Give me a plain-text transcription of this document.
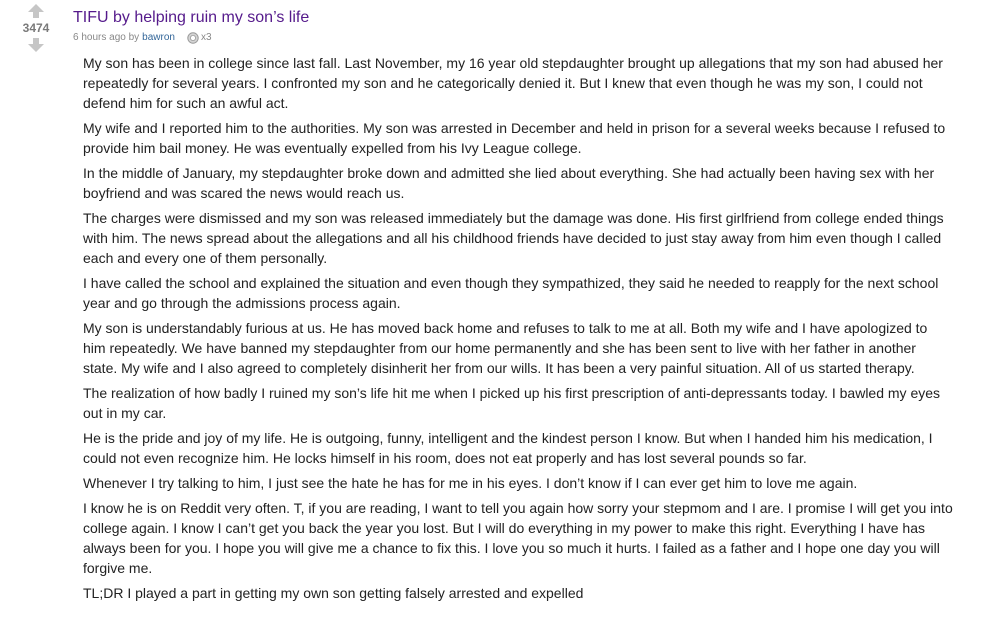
3474
TIFU by helping ruin my son’s life
6 hours ago by bawron	x3

My son has been in college since last fall. Last November, my 16 year old stepdaughter brought up allegations that my son had abused her repeatedly for several years. I confronted my son and he categorically denied it. But I knew that even though he was my son, I could not defend him for such an awful act.

My wife and I reported him to the authorities. My son was arrested in December and held in prison for a several weeks because I refused to provide him bail money. He was eventually expelled from his Ivy League college.

In the middle of January, my stepdaughter broke down and admitted she lied about everything. She had actually been having sex with her boyfriend and was scared the news would reach us.

The charges were dismissed and my son was released immediately but the damage was done. His first girlfriend from college ended things with him. The news spread about the allegations and all his childhood friends have decided to just stay away from him even though I called each and every one of them personally.

I have called the school and explained the situation and even though they sympathized, they said he needed to reapply for the next school year and go through the admissions process again.

My son is understandably furious at us. He has moved back home and refuses to talk to me at all. Both my wife and I have apologized to him repeatedly. We have banned my stepdaughter from our home permanently and she has been sent to live with her father in another state. My wife and I also agreed to completely disinherit her from our wills. It has been a very painful situation. All of us started therapy.

The realization of how badly I ruined my son’s life hit me when I picked up his first prescription of anti-depressants today. I bawled my eyes out in my car.

He is the pride and joy of my life. He is outgoing, funny, intelligent and the kindest person I know. But when I handed him his medication, I could not even recognize him. He locks himself in his room, does not eat properly and has lost several pounds so far.

Whenever I try talking to him, I just see the hate he has for me in his eyes. I don’t know if I can ever get him to love me again.

I know he is on Reddit very often. T, if you are reading, I want to tell you again how sorry your stepmom and I are. I promise I will get you into college again. I know I can’t get you back the year you lost. But I will do everything in my power to make this right. Everything I have has always been for you. I hope you will give me a chance to fix this. I love you so much it hurts. I failed as a father and I hope one day you will forgive me.

TL;DR I played a part in getting my own son getting falsely arrested and expelled
